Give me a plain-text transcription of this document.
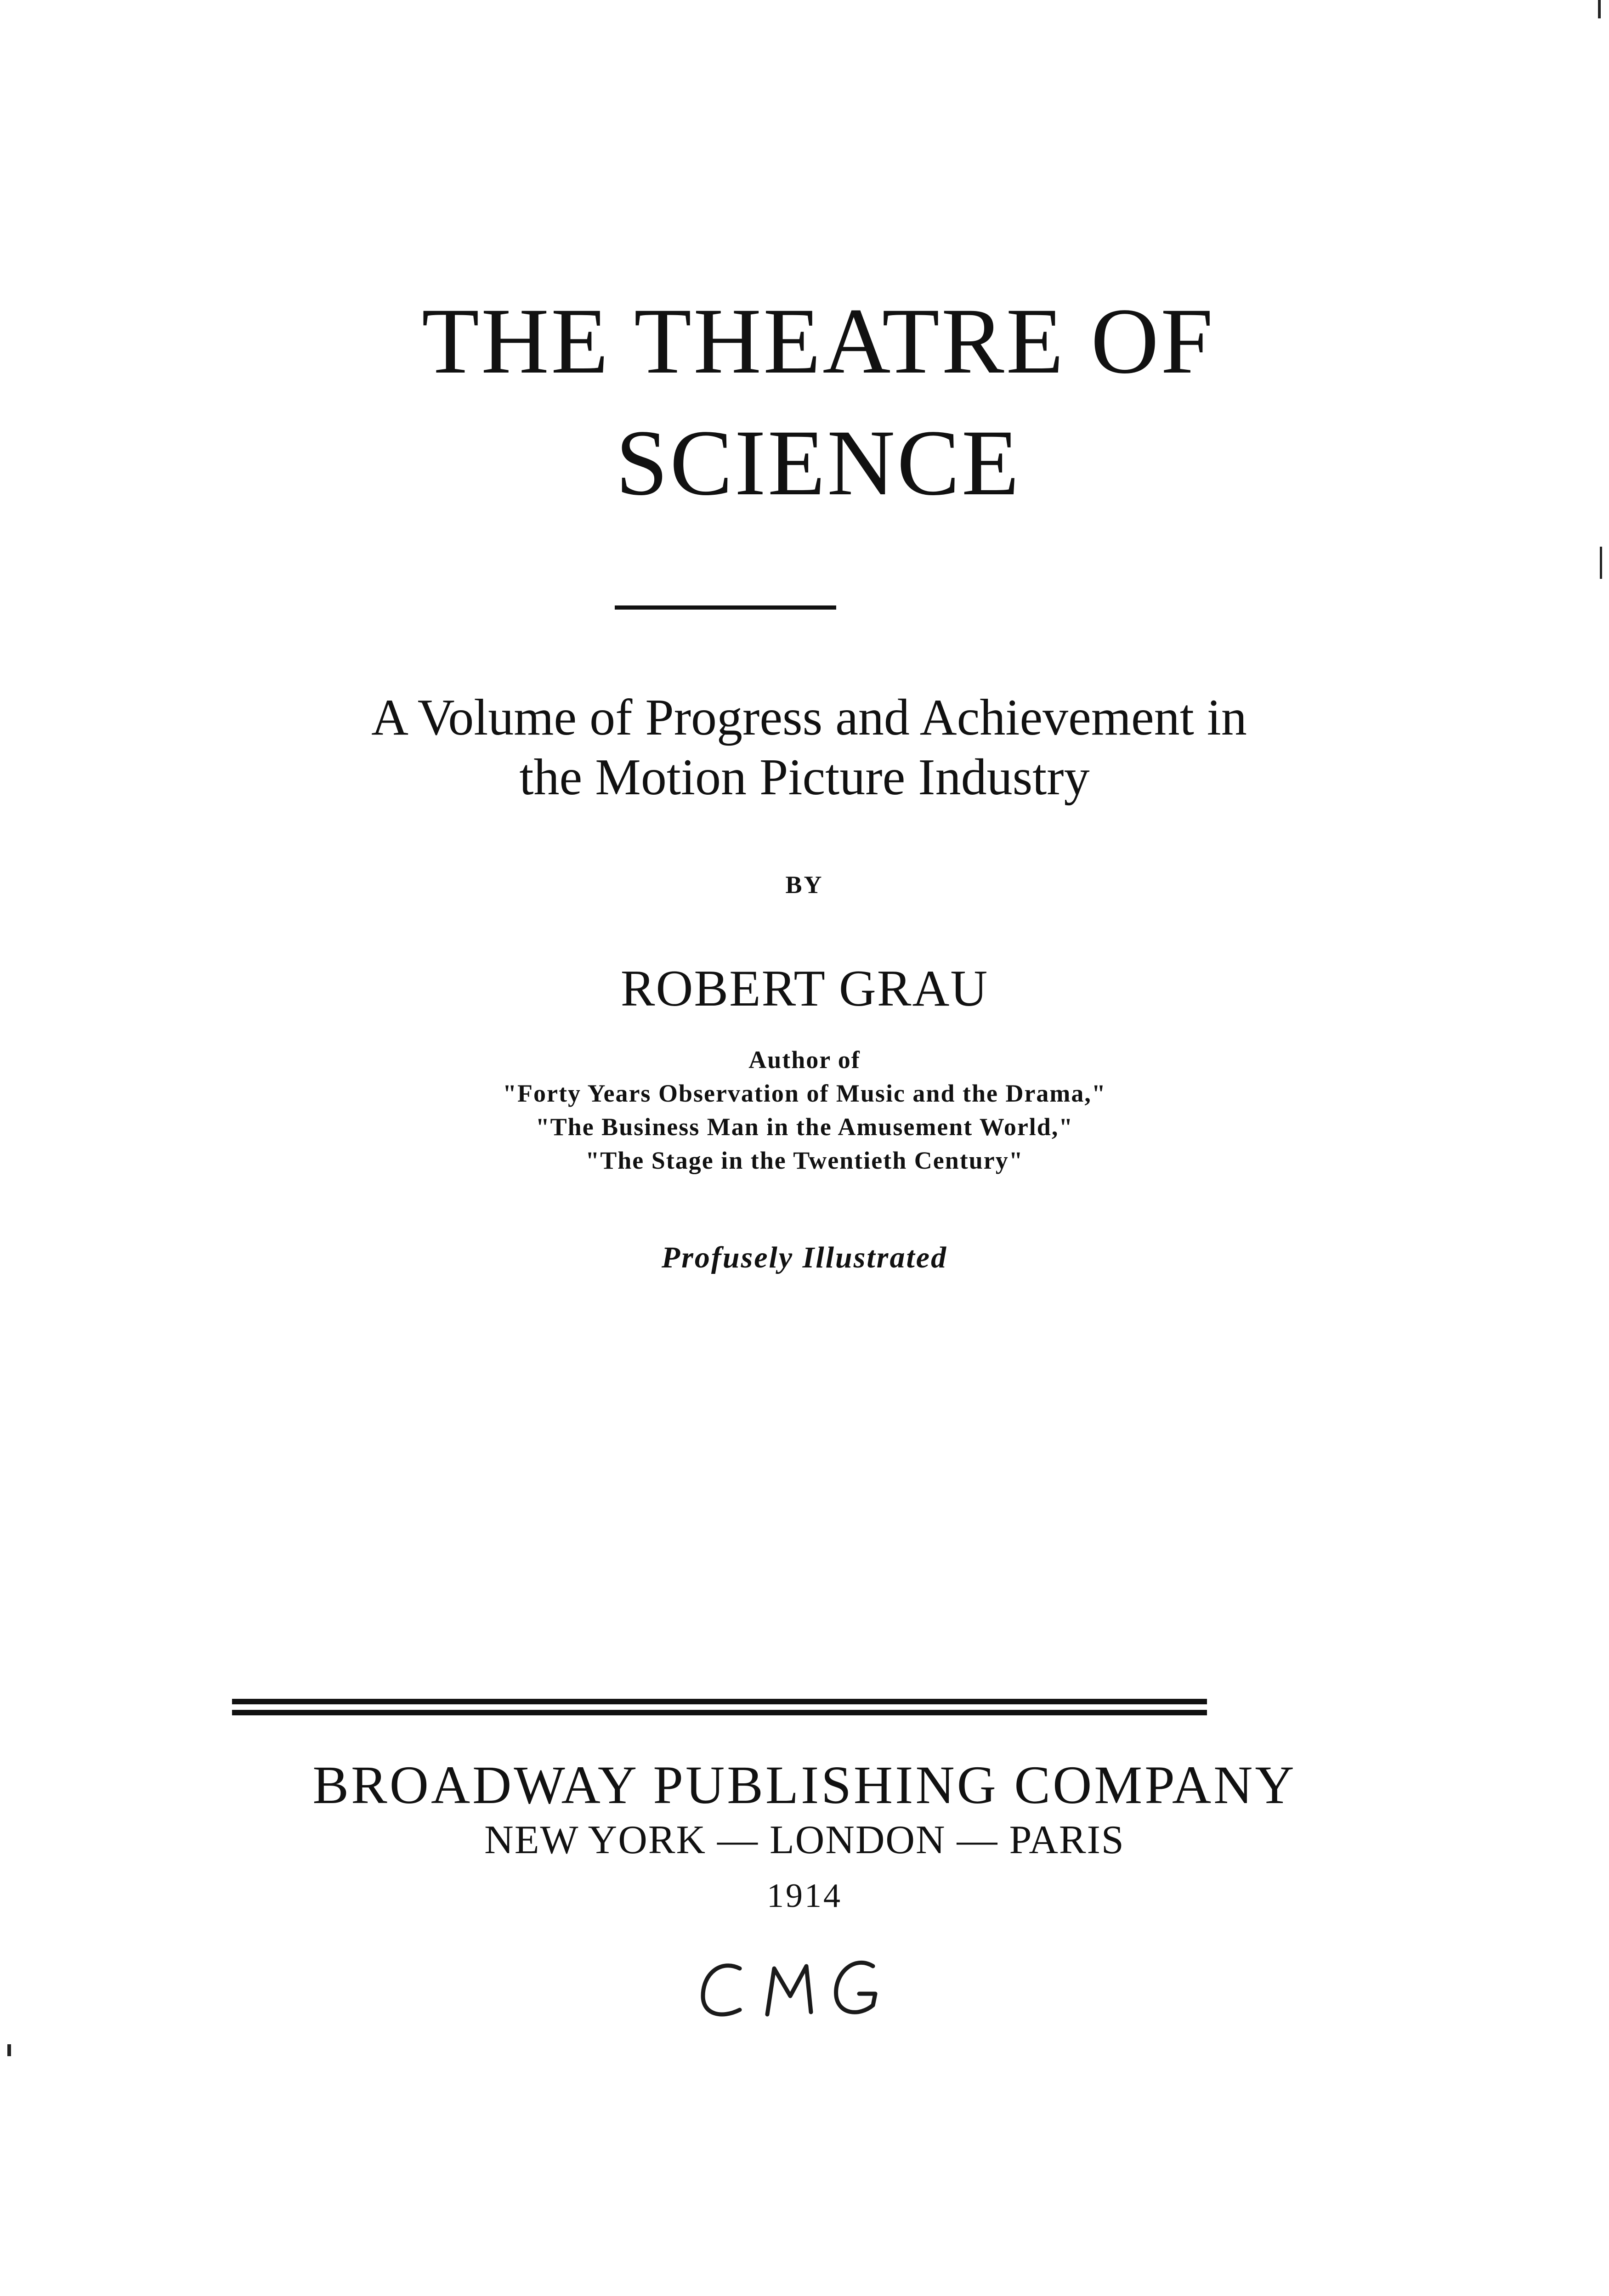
THE THEATRE OF
SCIENCE
A Volume of Progress and Achievement in
the Motion Picture Industry
BY
ROBERT GRAU
Author of
"Forty Years Observation of Music and the Drama,"
"The Business Man in the Amusement World,"
"The Stage in the Twentieth Century"
Profusely Illustrated
BROADWAY PUBLISHING COMPANY
NEW YORK — LONDON — PARIS
1914
